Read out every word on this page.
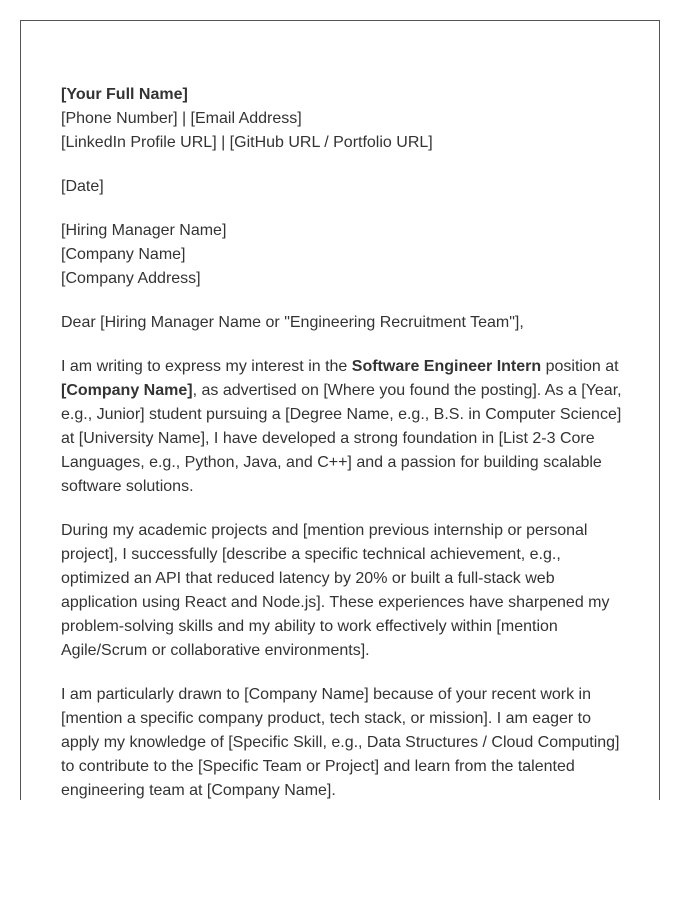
[Your Full Name]
[Phone Number] | [Email Address]
[LinkedIn Profile URL] | [GitHub URL / Portfolio URL]
[Date]
[Hiring Manager Name]
[Company Name]
[Company Address]
Dear [Hiring Manager Name or "Engineering Recruitment Team"],

I am writing to express my interest in the Software Engineer Intern position at [Company Name], as advertised on [Where you found the posting]. As a [Year, e.g., Junior] student pursuing a [Degree Name, e.g., B.S. in Computer Science] at [University Name], I have developed a strong foundation in [List 2-3 Core Languages, e.g., Python, Java, and C++] and a passion for building scalable software solutions.

During my academic projects and [mention previous internship or personal project], I successfully [describe a specific technical achievement, e.g., optimized an API that reduced latency by 20% or built a full-stack web application using React and Node.js]. These experiences have sharpened my problem-solving skills and my ability to work effectively within [mention Agile/Scrum or collaborative environments].

I am particularly drawn to [Company Name] because of your recent work in [mention a specific company product, tech stack, or mission]. I am eager to apply my knowledge of [Specific Skill, e.g., Data Structures / Cloud Computing] to contribute to the [Specific Team or Project] and learn from the talented engineering team at [Company Name].
